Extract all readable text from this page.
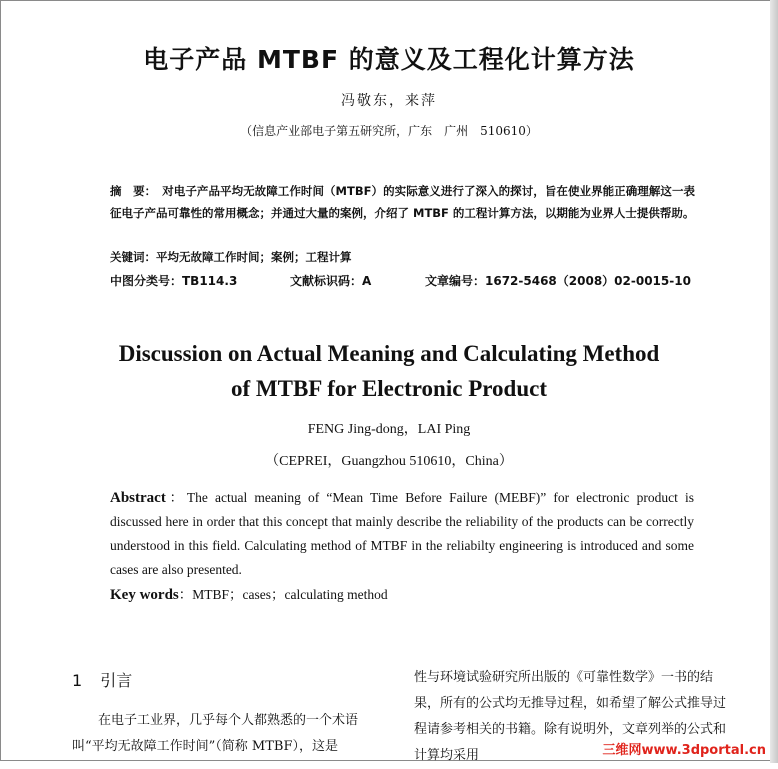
电子产品 MTBF 的意义及工程化计算方法
冯敬东，来萍
（信息产业部电子第五研究所，广东　广州　510610）
摘　要： 对电子产品平均无故障工作时间（MTBF）的实际意义进行了深入的探讨，旨在使业界能正确理解这一表征电子产品可靠性的常用概念；并通过大量的案例，介绍了 MTBF 的工程计算方法，以期能为业界人士提供帮助。
关键词：平均无故障工作时间；案例；工程计算
中图分类号：TB114.3	文献标识码：A	文章编号：1672-5468（2008）02-0015-10
Discussion on Actual Meaning and Calculating Method
of MTBF for Electronic Product
FENG Jing-dong，LAI Ping
（CEPREI，Guangzhou 510610，China）
Abstract：The actual meaning of “Mean Time Before Failure (MEBF)” for electronic product is discussed here in order that this concept that mainly describe the reliability of the products can be correctly understood in this field. Calculating method of MTBF in the reliabilty engineering is introduced and some cases are also presented.
Key words：MTBF；cases；calculating method
1 引言
在电子工业界，几乎每个人都熟悉的一个术语叫“平均无故障工作时间”（简称 MTBF），这是
性与环境试验研究所出版的《可靠性数学》一书的结果，所有的公式均无推导过程，如希望了解公式推导过程请参考相关的书籍。除有说明外，文章列举的公式和计算均采用	三维网www.3dportal.cn
